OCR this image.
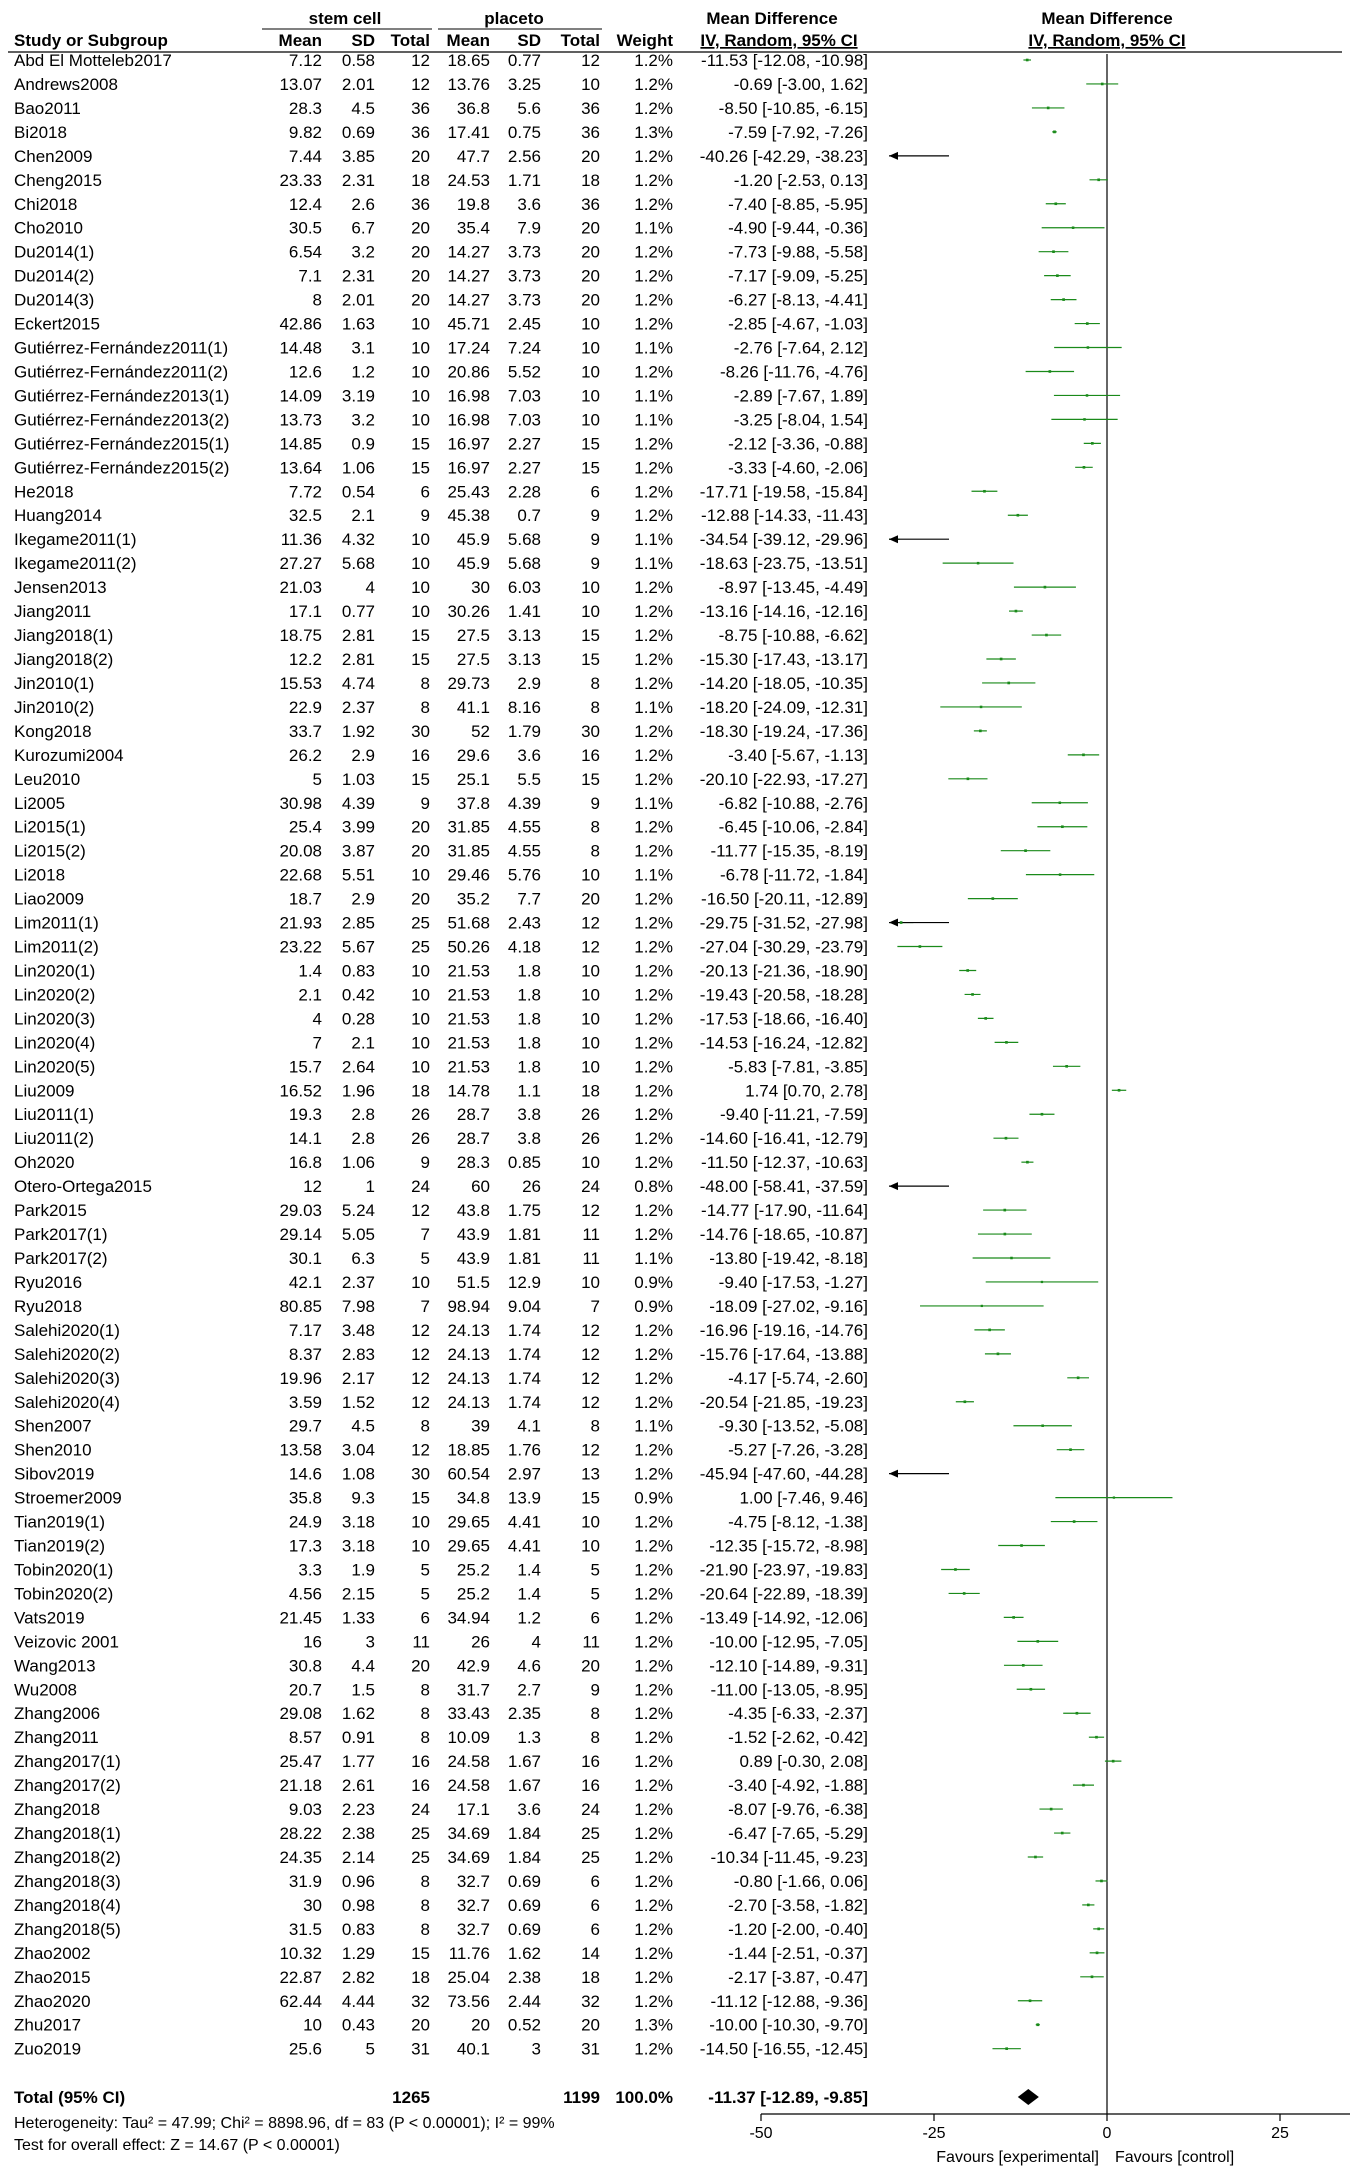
stem cell	placeto	Mean Difference	Mean Difference
Study or Subgroup	Mean SD Total Mean SD Total Weight IV, Random, 95% CI	IV, Random, 95% CI
Abd El Motteleb2017	7.12 0.58 12 18.65 0.77 12 1.2% -11.53 [-12.08, -10.98]
Andrews2008	13.07 2.01 12 13.76 3.25 10 1.2%	-0.69 [-3.00, 1.62]
Bao2011	28.3 4.5 36 36.8 5.6 36 1.2%	-8.50 [-10.85, -6.15]
Bi2018	9.82 0.69 36 17.41 0.75 36 1.3%	-7.59 [-7.92, -7.26]
Chen2009	7.44 3.85 20 47.7 2.56 20 1.2% -40.26 [-42.29, -38.23]
Cheng2015	23.33 2.31 18 24.53 1.71 18 1.2%	-1.20 [-2.53, 0.13]
Chi2018	12.4 2.6 36 19.8 3.6 36 1.2%	-7.40 [-8.85, -5.95]
Cho2010	30.5 6.7 20 35.4 7.9 20 1.1%	-4.90 [-9.44, -0.36]
Du2014(1)	6.54 3.2 20 14.27 3.73 20 1.2%	-7.73 [-9.88, -5.58]
Du2014(2)	7.1 2.31 20 14.27 3.73 20 1.2%	-7.17 [-9.09, -5.25]
Du2014(3)	8 2.01 20 14.27 3.73 20 1.2%	-6.27 [-8.13, -4.41]
Eckert2015	42.86 1.63 10 45.71 2.45 10 1.2%	-2.85 [-4.67, -1.03]
Gutiérrez-Fernández2011(1)	14.48 3.1 10 17.24 7.24 10 1.1%	-2.76 [-7.64, 2.12]
Gutiérrez-Fernández2011(2)	12.6 1.2 10 20.86 5.52 10 1.2%	-8.26 [-11.76, -4.76]
Gutiérrez-Fernández2013(1)	14.09 3.19 10 16.98 7.03 10 1.1%	-2.89 [-7.67, 1.89]
Gutiérrez-Fernández2013(2)	13.73 3.2 10 16.98 7.03 10 1.1%	-3.25 [-8.04, 1.54]
Gutiérrez-Fernández2015(1)	14.85 0.9 15 16.97 2.27 15 1.2%	-2.12 [-3.36, -0.88]
Gutiérrez-Fernández2015(2)	13.64 1.06 15 16.97 2.27 15 1.2%	-3.33 [-4.60, -2.06]
He2018	7.72 0.54	6 25.43 2.28	6 1.2% -17.71 [-19.58, -15.84]
Huang2014	32.5 2.1	9 45.38 0.7	9 1.2% -12.88 [-14.33, -11.43]
Ikegame2011(1)	11.36 4.32 10 45.9 5.68	9 1.1% -34.54 [-39.12, -29.96]
Ikegame2011(2)	27.27 5.68 10 45.9 5.68	9 1.1% -18.63 [-23.75, -13.51]
Jensen2013	21.03	4 10 30 6.03 10 1.2%	-8.97 [-13.45, -4.49]
Jiang2011	17.1 0.77 10 30.26 1.41 10 1.2% -13.16 [-14.16, -12.16]
Jiang2018(1)	18.75 2.81 15 27.5 3.13 15 1.2%	-8.75 [-10.88, -6.62]
Jiang2018(2)	12.2 2.81 15 27.5 3.13 15 1.2% -15.30 [-17.43, -13.17]
Jin2010(1)	15.53 4.74	8 29.73 2.9	8 1.2% -14.20 [-18.05, -10.35]
Jin2010(2)	22.9 2.37	8 41.1 8.16	8 1.1% -18.20 [-24.09, -12.31]
Kong2018	33.7 1.92 30 52 1.79 30 1.2% -18.30 [-19.24, -17.36]
Kurozumi2004	26.2 2.9 16 29.6 3.6 16 1.2%	-3.40 [-5.67, -1.13]
Leu2010	5 1.03 15 25.1 5.5 15 1.2% -20.10 [-22.93, -17.27]
Li2005	30.98 4.39	9 37.8 4.39	9 1.1%	-6.82 [-10.88, -2.76]
Li2015(1)	25.4 3.99 20 31.85 4.55	8 1.2%	-6.45 [-10.06, -2.84]
Li2015(2)	20.08 3.87 20 31.85 4.55	8 1.2% -11.77 [-15.35, -8.19]
Li2018	22.68 5.51 10 29.46 5.76 10 1.1%	-6.78 [-11.72, -1.84]
Liao2009	18.7 2.9 20 35.2 7.7 20 1.2% -16.50 [-20.11, -12.89]
Lim2011(1)	21.93 2.85 25 51.68 2.43 12 1.2% -29.75 [-31.52, -27.98]
Lim2011(2)	23.22 5.67 25 50.26 4.18 12 1.2% -27.04 [-30.29, -23.79]
Lin2020(1)	1.4 0.83 10 21.53 1.8 10 1.2% -20.13 [-21.36, -18.90]
Lin2020(2)	2.1 0.42 10 21.53 1.8 10 1.2% -19.43 [-20.58, -18.28]
Lin2020(3)	4 0.28 10 21.53 1.8 10 1.2% -17.53 [-18.66, -16.40]
Lin2020(4)	7 2.1 10 21.53 1.8 10 1.2% -14.53 [-16.24, -12.82]
Lin2020(5)	15.7 2.64 10 21.53 1.8 10 1.2%	-5.83 [-7.81, -3.85]
Liu2009	16.52 1.96 18 14.78 1.1 18 1.2%	1.74 [0.70, 2.78]
Liu2011(1)	19.3 2.8 26 28.7 3.8 26 1.2%	-9.40 [-11.21, -7.59]
Liu2011(2)	14.1 2.8 26 28.7 3.8 26 1.2% -14.60 [-16.41, -12.79]
Oh2020	16.8 1.06	9 28.3 0.85 10 1.2% -11.50 [-12.37, -10.63]
Otero-Ortega2015	12	1 24 60 26 24 0.8% -48.00 [-58.41, -37.59]
Park2015	29.03 5.24 12 43.8 1.75 12 1.2% -14.77 [-17.90, -11.64]
Park2017(1)	29.14 5.05	7 43.9 1.81 11 1.2% -14.76 [-18.65, -10.87]
Park2017(2)	30.1 6.3	5 43.9 1.81 11 1.1% -13.80 [-19.42, -8.18]
Ryu2016	42.1 2.37 10 51.5 12.9 10 0.9%	-9.40 [-17.53, -1.27]
Ryu2018	80.85 7.98	7 98.94 9.04	7 0.9% -18.09 [-27.02, -9.16]
Salehi2020(1)	7.17 3.48 12 24.13 1.74 12 1.2% -16.96 [-19.16, -14.76]
Salehi2020(2)	8.37 2.83 12 24.13 1.74 12 1.2% -15.76 [-17.64, -13.88]
Salehi2020(3)	19.96 2.17 12 24.13 1.74 12 1.2%	-4.17 [-5.74, -2.60]
Salehi2020(4)	3.59 1.52 12 24.13 1.74 12 1.2% -20.54 [-21.85, -19.23]
Shen2007	29.7 4.5	8 39 4.1	8 1.1%	-9.30 [-13.52, -5.08]
Shen2010	13.58 3.04 12 18.85 1.76 12 1.2%	-5.27 [-7.26, -3.28]
Sibov2019	14.6 1.08 30 60.54 2.97 13 1.2% -45.94 [-47.60, -44.28]
Stroemer2009	35.8 9.3 15 34.8 13.9 15 0.9%	1.00 [-7.46, 9.46]
Tian2019(1)	24.9 3.18 10 29.65 4.41 10 1.2%	-4.75 [-8.12, -1.38]
Tian2019(2)	17.3 3.18 10 29.65 4.41 10 1.2% -12.35 [-15.72, -8.98]
Tobin2020(1)	3.3 1.9	5 25.2 1.4	5 1.2% -21.90 [-23.97, -19.83]
Tobin2020(2)	4.56 2.15	5 25.2 1.4	5 1.2% -20.64 [-22.89, -18.39]
Vats2019	21.45 1.33	6 34.94 1.2	6 1.2% -13.49 [-14.92, -12.06]
Veizovic 2001	16	3 11 26 4 11 1.2% -10.00 [-12.95, -7.05]
Wang2013	30.8 4.4 20 42.9 4.6 20 1.2% -12.10 [-14.89, -9.31]
Wu2008	20.7 1.5	8 31.7 2.7	9 1.2% -11.00 [-13.05, -8.95]
Zhang2006	29.08 1.62	8 33.43 2.35	8 1.2%	-4.35 [-6.33, -2.37]
Zhang2011	8.57 0.91	8 10.09 1.3	8 1.2%	-1.52 [-2.62, -0.42]
Zhang2017(1)	25.47 1.77 16 24.58 1.67 16 1.2%	0.89 [-0.30, 2.08]
Zhang2017(2)	21.18 2.61 16 24.58 1.67 16 1.2%	-3.40 [-4.92, -1.88]
Zhang2018	9.03 2.23 24 17.1 3.6 24 1.2%	-8.07 [-9.76, -6.38]
Zhang2018(1)	28.22 2.38 25 34.69 1.84 25 1.2%	-6.47 [-7.65, -5.29]
Zhang2018(2)	24.35 2.14 25 34.69 1.84 25 1.2% -10.34 [-11.45, -9.23]
Zhang2018(3)	31.9 0.96	8 32.7 0.69	6 1.2%	-0.80 [-1.66, 0.06]
Zhang2018(4)	30 0.98	8 32.7 0.69	6 1.2%	-2.70 [-3.58, -1.82]
Zhang2018(5)	31.5 0.83	8 32.7 0.69	6 1.2%	-1.20 [-2.00, -0.40]
Zhao2002	10.32 1.29 15 11.76 1.62 14 1.2%	-1.44 [-2.51, -0.37]
Zhao2015	22.87 2.82 18 25.04 2.38 18 1.2%	-2.17 [-3.87, -0.47]
Zhao2020	62.44 4.44 32 73.56 2.44 32 1.2% -11.12 [-12.88, -9.36]
Zhu2017	10 0.43 20 20 0.52 20 1.3% -10.00 [-10.30, -9.70]
Zuo2019	25.6	5 31 40.1 3 31 1.2% -14.50 [-16.55, -12.45]
Total (95% CI)	1265	1199 100.0% -11.37 [-12.89, -9.85]
Heterogeneity: Tau² = 47.99; Chi² = 8898.96, df = 83 (P < 0.00001); I² = 99%
Test for overall effect: Z = 14.67 (P < 0.00001)
-50	-25	0	25
Favours [experimental] Favours [control]
